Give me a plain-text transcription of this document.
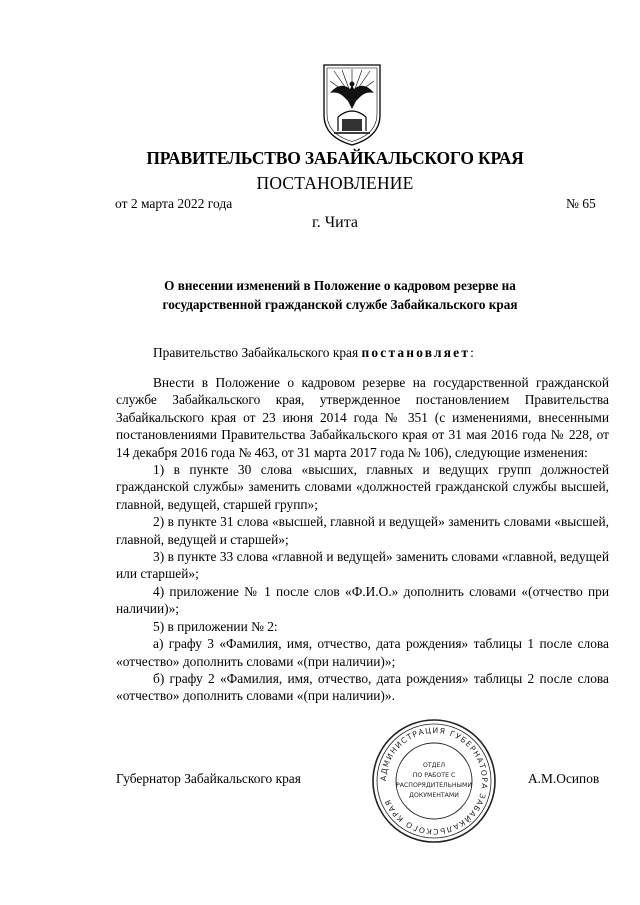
ПРАВИТЕЛЬСТВО ЗАБАЙКАЛЬСКОГО КРАЯ
ПОСТАНОВЛЕНИЕ
от 2 марта 2022 года	№ 65
г. Чита
О внесении изменений в Положение о кадровом резерве на государственной гражданской службе Забайкальского края

Правительство Забайкальского края постановляет:

Внести в Положение о кадровом резерве на государственной гражданской службе Забайкальского края, утвержденное постановлением Правительства Забайкальского края от 23 июня 2014 года № 351 (с изменениями, внесенными постановлениями Правительства Забайкальского края от 31 мая 2016 года № 228, от 14 декабря 2016 года № 463, от 31 марта 2017 года № 106), следующие изменения:

1) в пункте 30 слова «высших, главных и ведущих групп должностей гражданской службы» заменить словами «должностей гражданской службы высшей, главной, ведущей, старшей групп»;

2) в пункте 31 слова «высшей, главной и ведущей» заменить словами «высшей, главной, ведущей и старшей»;

3) в пункте 33 слова «главной и ведущей» заменить словами «главной, ведущей или старшей»;

4) приложение № 1 после слов «Ф.И.О.» дополнить словами «(отчество при наличии)»;

5) в приложении № 2:

а) графу 3 «Фамилия, имя, отчество, дата рождения» таблицы 1 после слова «отчество» дополнить словами «(при наличии)»;

б) графу 2 «Фамилия, имя, отчество, дата рождения» таблицы 2 после слова «отчество» дополнить словами «(при наличии)».

Губернатор Забайкальского края	А.М.Осипов
АДМИНИСТРАЦИЯ ГУБЕРНАТОРА ЗАБАЙКАЛЬСКОГО КРАЯ
ОТДЕЛ
ПО РАБОТЕ С
РАСПОРЯДИТЕЛЬНЫМИ
ДОКУМЕНТАМИ
